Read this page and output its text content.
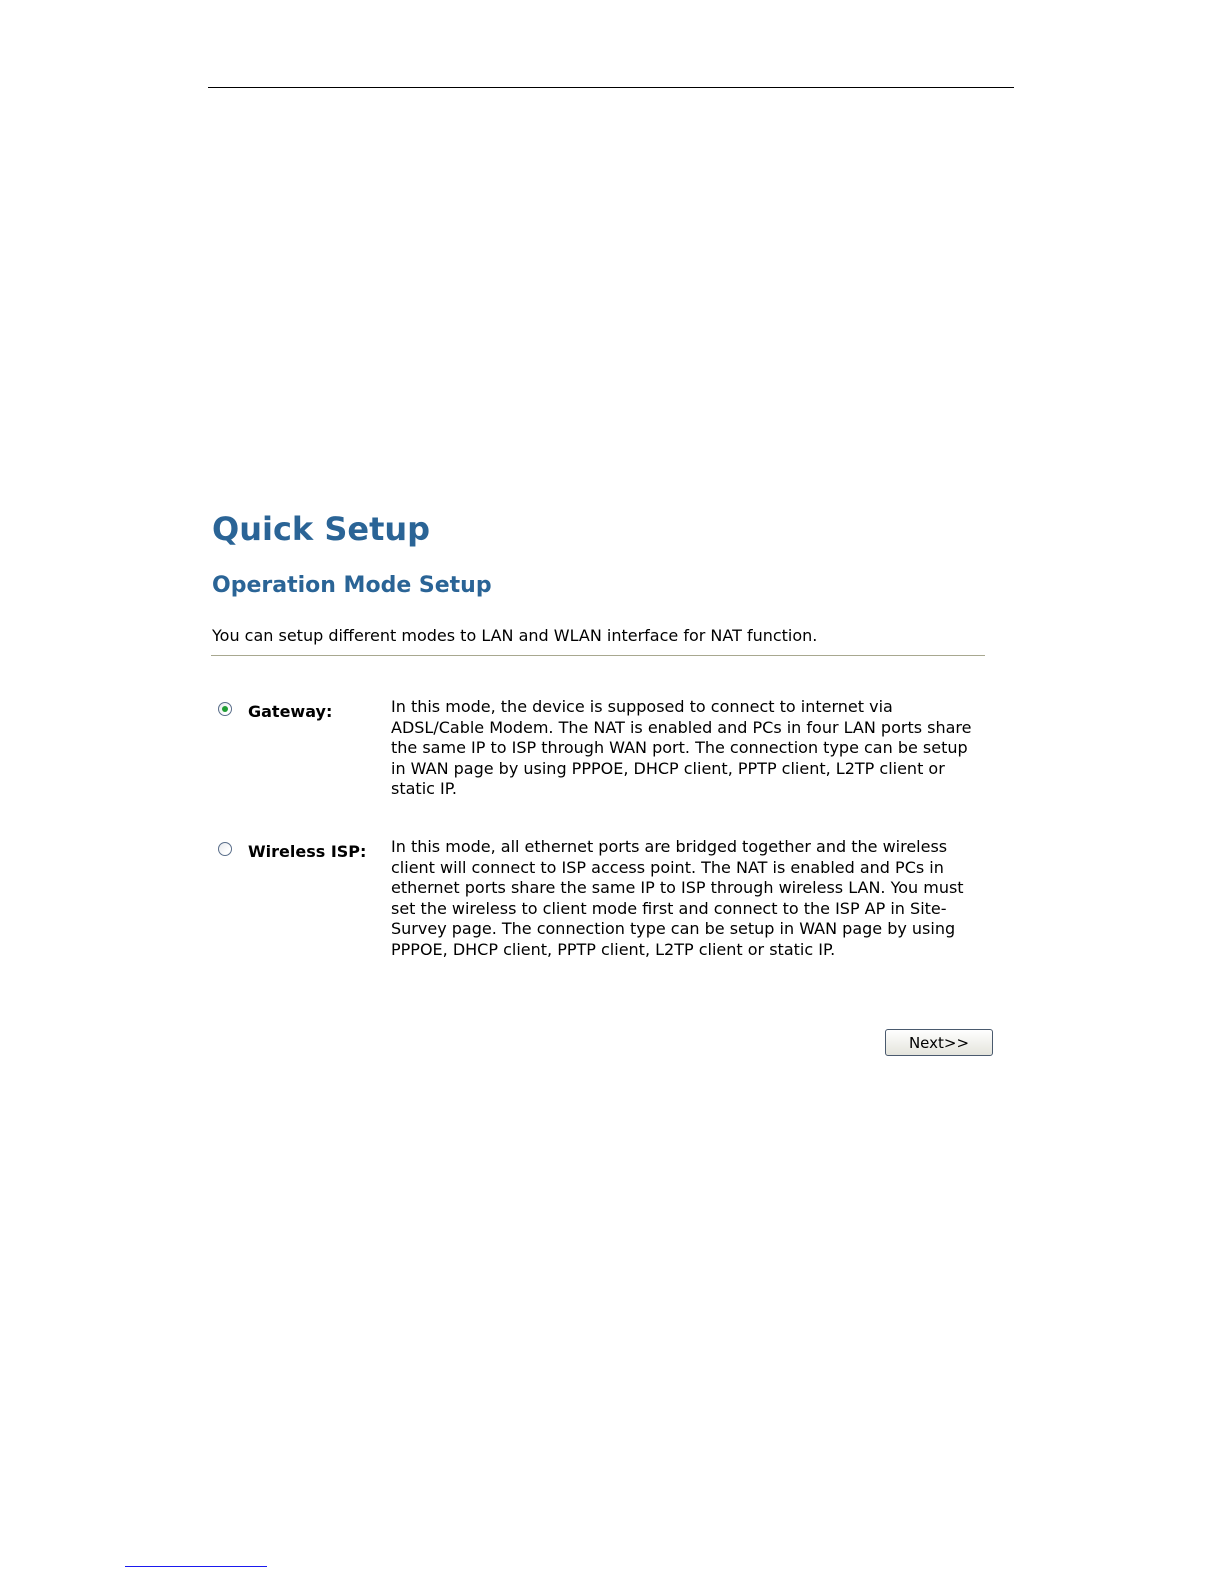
Quick Setup
Operation Mode Setup
You can setup different modes to LAN and WLAN interface for NAT function.
Gateway:	In this mode, the device is supposed to connect to internet via ADSL/Cable Modem. The NAT is enabled and PCs in four LAN ports share the same IP to ISP through WAN port. The connection type can be setup in WAN page by using PPPOE, DHCP client, PPTP client, L2TP client or static IP.
Wireless ISP: In this mode, all ethernet ports are bridged together and the wireless client will connect to ISP access point. The NAT is enabled and PCs in ethernet ports share the same IP to ISP through wireless LAN. You must set the wireless to client mode first and connect to the ISP AP in Site-Survey page. The connection type can be setup in WAN page by using PPPOE, DHCP client, PPTP client, L2TP client or static IP.
Next>>
